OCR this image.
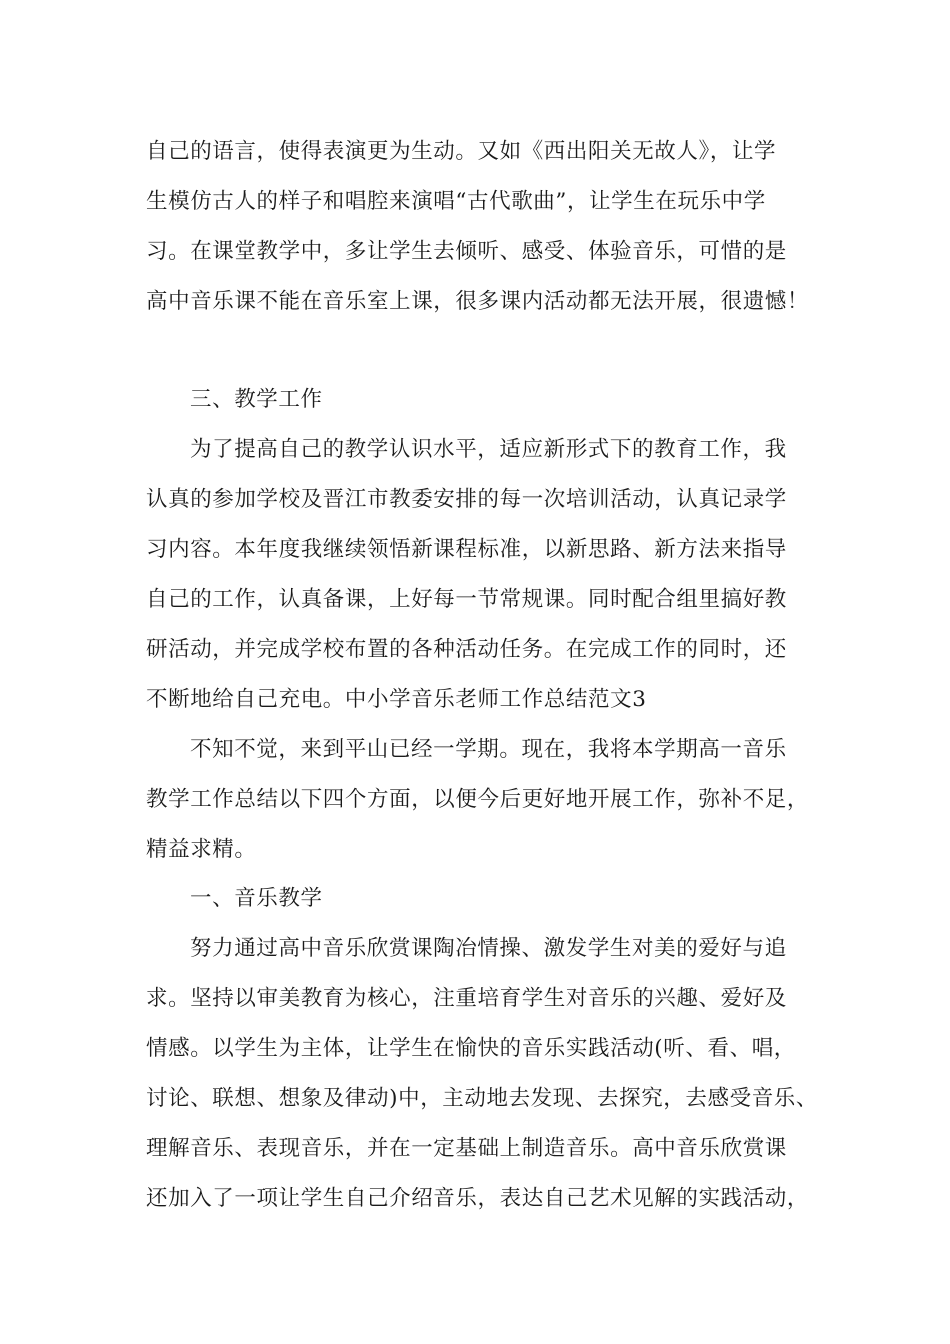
自己的语言，使得表演更为生动。又如《西出阳关无故人》，让学

生模仿古人的样子和唱腔来演唱“古代歌曲”，让学生在玩乐中学

习。在课堂教学中，多让学生去倾听、感受、体验音乐，可惜的是

高中音乐课不能在音乐室上课，很多课内活动都无法开展，很遗憾！

三、教学工作

为了提高自己的教学认识水平，适应新形式下的教育工作，我

认真的参加学校及晋江市教委安排的每一次培训活动，认真记录学

习内容。本年度我继续领悟新课程标准，以新思路、新方法来指导

自己的工作，认真备课，上好每一节常规课。同时配合组里搞好教

研活动，并完成学校布置的各种活动任务。在完成工作的同时，还

不断地给自己充电。中小学音乐老师工作总结范文3

不知不觉，来到平山已经一学期。现在，我将本学期高一音乐

教学工作总结以下四个方面，以便今后更好地开展工作，弥补不足，

精益求精。

一、音乐教学

努力通过高中音乐欣赏课陶冶情操、激发学生对美的爱好与追

求。坚持以审美教育为核心，注重培育学生对音乐的兴趣、爱好及

情感。以学生为主体，让学生在愉快的音乐实践活动(听、看、唱，

讨论、联想、想象及律动)中，主动地去发现、去探究，去感受音乐、

理解音乐、表现音乐，并在一定基础上制造音乐。高中音乐欣赏课

还加入了一项让学生自己介绍音乐，表达自己艺术见解的实践活动，
